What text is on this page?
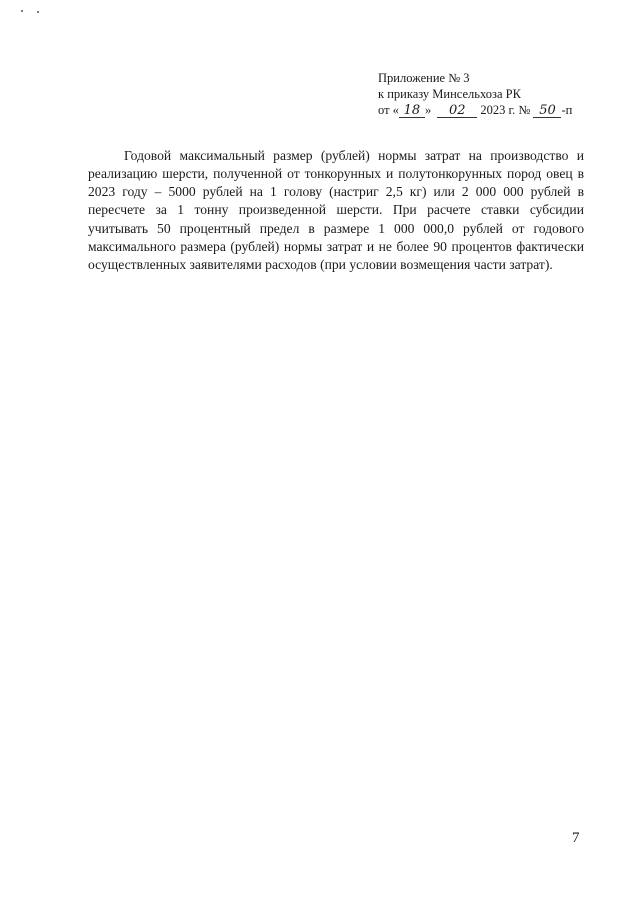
Приложение № 3
к приказу Минсельхоза РК
от « 18 » 02 2023 г. № 50 -п

Годовой максимальный размер (рублей) нормы затрат на производство и реализацию шерсти, полученной от тонкорунных и полутонкорунных пород овец в 2023 году – 5000 рублей на 1 голову (настриг 2,5 кг) или 2 000 000 рублей в пересчете за 1 тонну произведенной шерсти. При расчете ставки субсидии учитывать 50 процентный предел в размере 1 000 000,0 рублей от годового максимального размера (рублей) нормы затрат и не более 90 процентов фактически осуществленных заявителями расходов (при условии возмещения части затрат).

7
